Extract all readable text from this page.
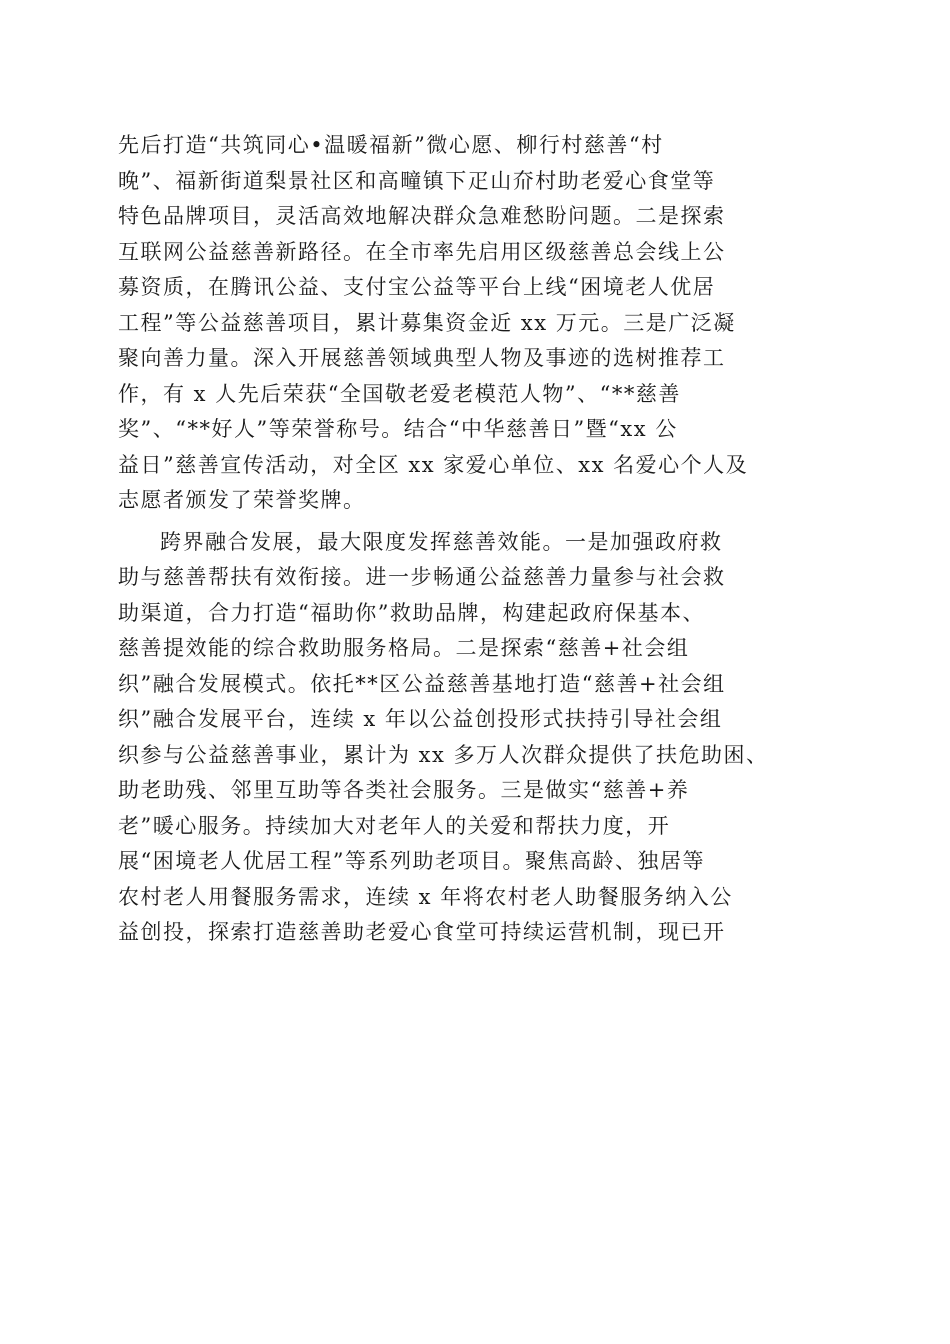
先后打造“共筑同心•温暖福新”微心愿、柳行村慈善“村
晚”、福新街道梨景社区和高疃镇下疋山夼村助老爱心食堂等
特色品牌项目，灵活高效地解决群众急难愁盼问题。二是探索
互联网公益慈善新路径。在全市率先启用区级慈善总会线上公
募资质，在腾讯公益、支付宝公益等平台上线“困境老人优居
工程”等公益慈善项目，累计募集资金近 xx 万元。三是广泛凝
聚向善力量。深入开展慈善领域典型人物及事迹的选树推荐工
作，有 x 人先后荣获“全国敬老爱老模范人物”、“**慈善
奖”、“**好人”等荣誉称号。结合“中华慈善日”暨“xx 公
益日”慈善宣传活动，对全区 xx 家爱心单位、xx 名爱心个人及
志愿者颁发了荣誉奖牌。
跨界融合发展，最大限度发挥慈善效能。一是加强政府救
助与慈善帮扶有效衔接。进一步畅通公益慈善力量参与社会救
助渠道，合力打造“福助你”救助品牌，构建起政府保基本、
慈善提效能的综合救助服务格局。二是探索“慈善+社会组
织”融合发展模式。依托**区公益慈善基地打造“慈善+社会组
织”融合发展平台，连续 x 年以公益创投形式扶持引导社会组
织参与公益慈善事业，累计为 xx 多万人次群众提供了扶危助困、
助老助残、邻里互助等各类社会服务。三是做实“慈善+养
老”暖心服务。持续加大对老年人的关爱和帮扶力度，开
展“困境老人优居工程”等系列助老项目。聚焦高龄、独居等
农村老人用餐服务需求，连续 x 年将农村老人助餐服务纳入公
益创投，探索打造慈善助老爱心食堂可持续运营机制，现已开
